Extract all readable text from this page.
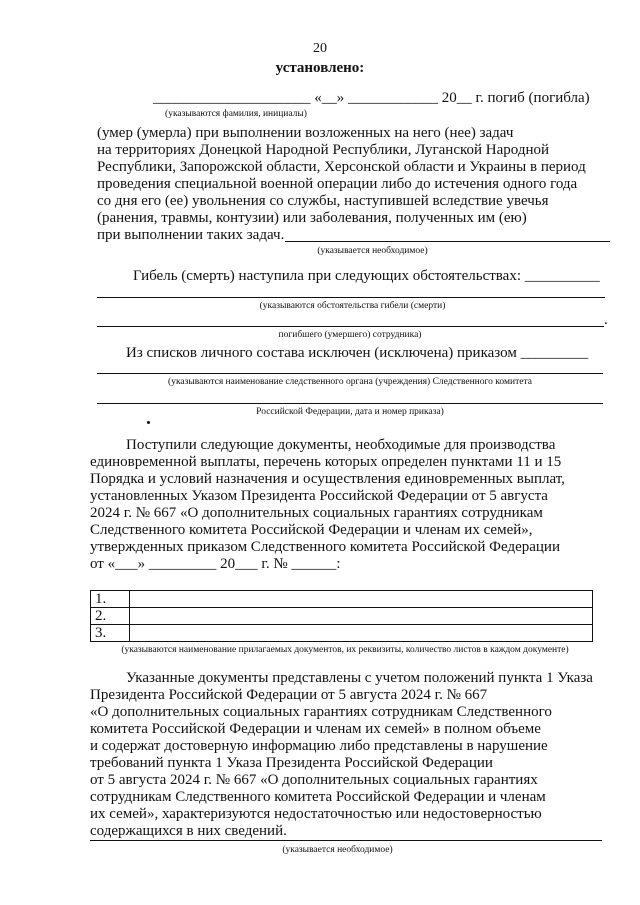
20
установлено:
_____________________ «__» ____________ 20__ г. погиб (погибла)
(указываются фамилия, инициалы)
(умер (умерла) при выполнении возложенных на него (нее) задач
на территориях Донецкой Народной Республики, Луганской Народной
Республики, Запорожской области, Херсонской области и Украины в период
проведения специальной военной операции либо до истечения одного года
со дня его (ее) увольнения со службы, наступившей вследствие увечья
(ранения, травмы, контузии) или заболевания, полученных им (ею)
при выполнении таких задач.
(указывается необходимое)
Гибель (смерть) наступила при следующих обстоятельствах: __________
(указываются обстоятельства гибели (смерти)
.
погибшего (умершего) сотрудника)
Из списков личного состава исключен (исключена) приказом _________
(указываются наименование следственного органа (учреждения) Следственного комитета
Российской Федерации, дата и номер приказа)
Поступили следующие документы, необходимые для производства
единовременной выплаты, перечень которых определен пунктами 11 и 15
Порядка и условий назначения и осуществления единовременных выплат,
установленных Указом Президента Российской Федерации от 5 августа
2024 г. № 667 «О дополнительных социальных гарантиях сотрудникам
Следственного комитета Российской Федерации и членам их семей»,
утвержденных приказом Следственного комитета Российской Федерации
от «___» _________ 20___ г. № ______:
1.	
2.	
3.	
(указываются наименование прилагаемых документов, их реквизиты, количество листов в каждом документе)
Указанные документы представлены с учетом положений пункта 1 Указа
Президента Российской Федерации от 5 августа 2024 г. № 667
«О дополнительных социальных гарантиях сотрудникам Следственного
комитета Российской Федерации и членам их семей» в полном объеме
и содержат достоверную информацию либо представлены в нарушение
требований пункта 1 Указа Президента Российской Федерации
от 5 августа 2024 г. № 667 «О дополнительных социальных гарантиях
сотрудникам Следственного комитета Российской Федерации и членам
их семей», характеризуются недостаточностью или недостоверностью
содержащихся в них сведений.
(указывается необходимое)
